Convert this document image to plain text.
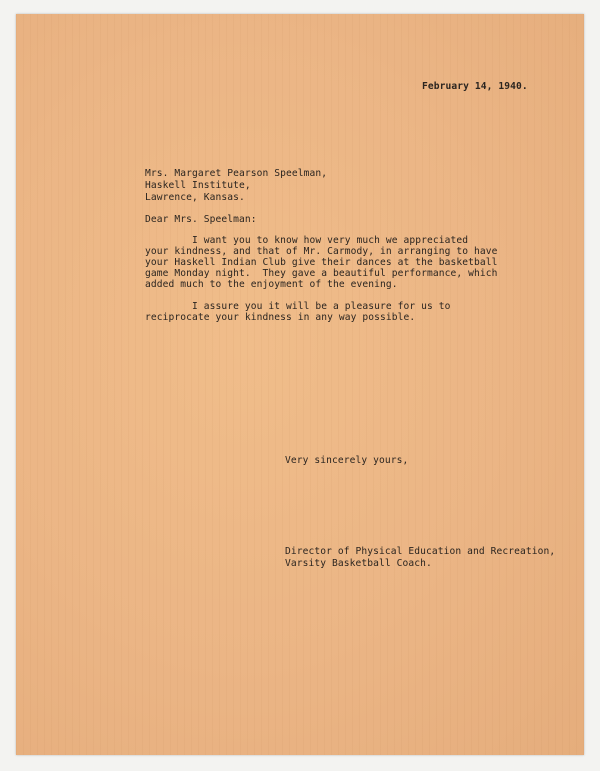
February 14, 1940.

Mrs. Margaret Pearson Speelman,

Haskell Institute,

Lawrence, Kansas.

Dear Mrs. Speelman:

I want you to know how very much we appreciated
your kindness, and that of Mr. Carmody, in arranging to have
your Haskell Indian Club give their dances at the basketball
game Monday night.  They gave a beautiful performance, which
added much to the enjoyment of the evening.
I assure you it will be a pleasure for us to
reciprocate your kindness in any way possible.

Very sincerely yours,

Director of Physical Education and Recreation,

Varsity Basketball Coach.
